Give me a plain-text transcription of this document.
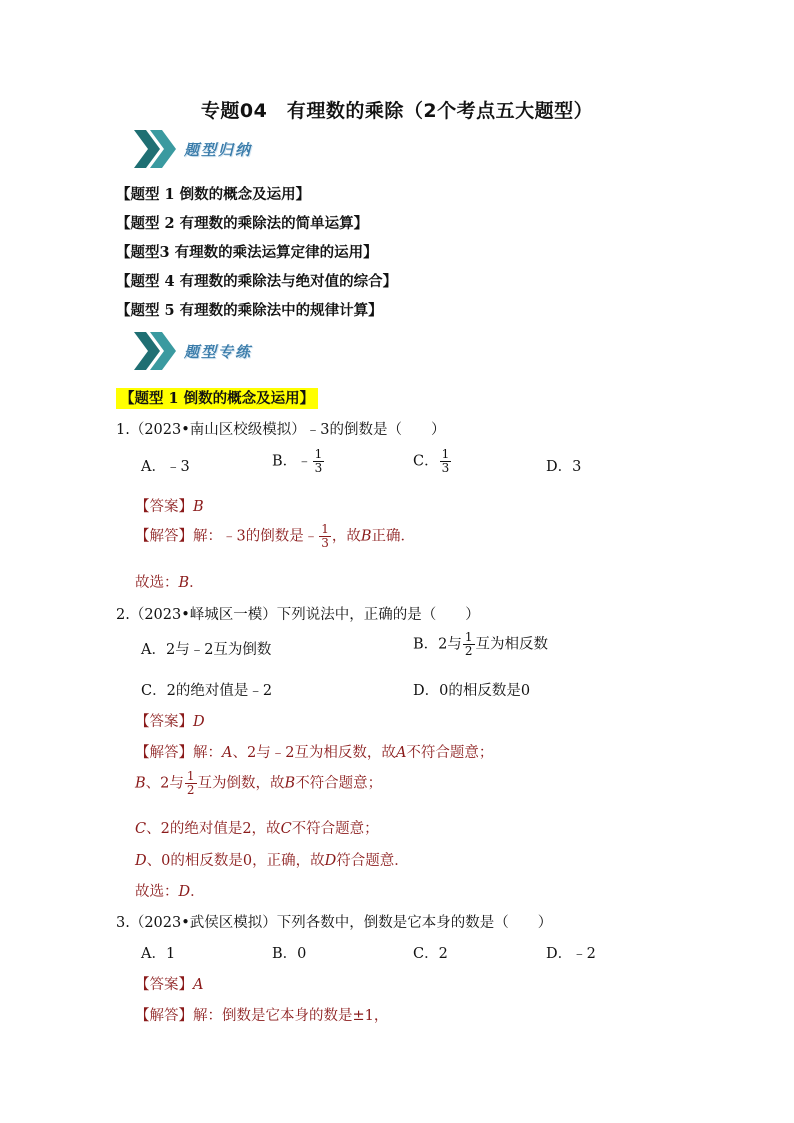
专题04　有理数的乘除（2个考点五大题型）
题型归纳
【题型 1 倒数的概念及运用】
【题型 2 有理数的乘除法的简单运算】
【题型3 有理数的乘法运算定律的运用】
【题型 4 有理数的乘除法与绝对值的综合】
【题型 5 有理数的乘除法中的规律计算】
题型专练
【题型 1 倒数的概念及运用】
1.（2023•南山区校级模拟）﹣3的倒数是（　　）
A．﹣3	B．﹣ $\frac{1}{3}$	C． $\frac{1}{3}$	D．3
【答案】B
【解答】解：﹣3的倒数是﹣ $\frac{1}{3}$ ，故B正确．
故选：B．
2.（2023•峄城区一模）下列说法中，正确的是（　　）
A．2与﹣2互为倒数	B．2与 $\frac{1}{2}$ 互为相反数
C．2的绝对值是﹣2	D．0的相反数是0
【答案】D
【解答】解：A、2与﹣2互为相反数，故A不符合题意；
B、2与 $\frac{1}{2}$ 互为倒数，故B不符合题意；
C、2的绝对值是2，故C不符合题意；
D、0的相反数是0，正确，故D符合题意．
故选：D．
3.（2023•武侯区模拟）下列各数中，倒数是它本身的数是（　　）
A．1	B．0	C．2	D．﹣2
【答案】A
【解答】解：倒数是它本身的数是±1，
